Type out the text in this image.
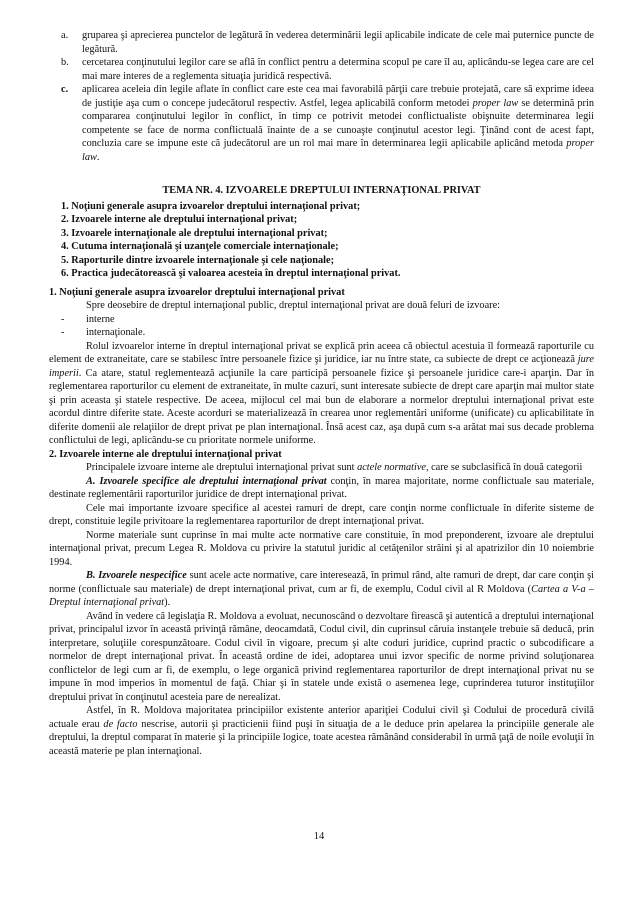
a.	gruparea şi aprecierea punctelor de legătură în vederea determinării legii aplicabile indicate de cele mai puternice puncte de legătură.
b.	cercetarea conţinutului legilor care se află în conflict pentru a determina scopul pe care îl au, aplicându-se legea care are cel mai mare interes de a reglementa situaţia juridică respectivă.
c.	aplicarea aceleia din legile aflate în conflict care este cea mai favorabilă părţii care trebuie protejată, care să exprime ideea de justiţie aşa cum o concepe judecătorul respectiv. Astfel, legea aplicabilă conform metodei proper law se determină prin compararea conţinutului legilor în conflict, în timp ce potrivit metodei conflictualiste obişnuite determinarea legii competente se face de norma conflictuală înainte de a se cunoaşte conţinutul acestor legi. Ţinând cont de acest fapt, concluzia care se impune este că judecătorul are un rol mai mare în determinarea legii aplicabile aplicând metoda proper law.
TEMA NR. 4. IZVOARELE DREPTULUI INTERNAŢIONAL PRIVAT
1. Noţiuni generale asupra izvoarelor dreptului internaţional privat;
2. Izvoarele interne ale dreptului internaţional privat;
3. Izvoarele internaţionale ale dreptului internaţional privat;
4. Cutuma internaţională şi uzanţele comerciale internaţionale;
5. Raporturile dintre izvoarele internaţionale şi cele naţionale;
6. Practica judecătorească şi valoarea acesteia în dreptul internaţional privat.
1. Noţiuni generale asupra izvoarelor dreptului internaţional privat

Spre deosebire de dreptul internaţional public, dreptul internaţional privat are două feluri de izvoare:

-	interne
-	internaţionale.

Rolul izvoarelor interne în dreptul internaţional privat se explică prin aceea că obiectul acestuia îl formează raporturile cu element de extraneitate, care se stabilesc între persoanele fizice şi juridice, iar nu între state, ca subiecte de drept ce acţionează jure imperii. Ca atare, statul reglementează acţiunile la care participă persoanele fizice şi persoanele juridice care-i aparţin. Dar în reglementarea raporturilor cu element de extraneitate, în multe cazuri, sunt interesate subiecte de drept care aparţin mai multor state şi prin aceasta şi statele respective. De aceea, mijlocul cel mai bun de elaborare a normelor dreptului internaţional privat este acordul dintre diferite state. Aceste acorduri se materializează în crearea unor reglementări uniforme (unificate) cu aplicabilitate în diferite domenii ale relaţiilor de drept privat pe plan internaţional. Însă acest caz, aşa după cum s-a arătat mai sus decade problema conflictului de legi, aplicându-se cu prioritate normele uniforme.

2. Izvoarele interne ale dreptului internaţional privat

Principalele izvoare interne ale dreptului internaţional privat sunt actele normative, care se subclasifică în două categorii

A. Izvoarele specifice ale dreptului internaţional privat conţin, în marea majoritate, norme conflictuale sau materiale, destinate reglementării raporturilor juridice de drept internaţional privat.

Cele mai importante izvoare specifice al acestei ramuri de drept, care conţin norme conflictuale în diferite sisteme de drept, constituie legile privitoare la reglementarea raporturilor de drept internaţional privat.

Norme materiale sunt cuprinse în mai multe acte normative care constituie, în mod preponderent, izvoare ale dreptului internaţional privat, precum Legea R. Moldova cu privire la statutul juridic al cetăţenilor străini şi al apatrizilor din 10 noiembrie 1994.

B. Izvoarele nespecifice sunt acele acte normative, care interesează, în primul rând, alte ramuri de drept, dar care conţin şi norme (conflictuale sau materiale) de drept internaţional privat, cum ar fi, de exemplu, Codul civil al R Moldova (Cartea a V-a – Dreptul internaţional privat).

Având în vedere că legislaţia R. Moldova a evoluat, necunoscând o dezvoltare firească şi autentică a dreptului internaţional privat, principalul izvor în această privinţă rămâne, deocamdată, Codul civil, din cuprinsul căruia instanţele trebuie să deducă, prin interpretare, soluţiile corespunzătoare. Codul civil în vigoare, precum şi alte coduri juridice, cuprind practic o subcodificare a normelor de drept internaţional privat. În această ordine de idei, adoptarea unui izvor specific de norme privind soluţionarea conflictelor de legi cum ar fi, de exemplu, o lege organică privind reglementarea raporturilor de drept internaţional privat nu se impune în mod imperios în momentul de faţă. Chiar şi în statele unde există o asemenea lege, cuprinderea tuturor instituţiilor dreptului privat în conţinutul acesteia pare de nerealizat.

Astfel, în R. Moldova majoritatea principiilor existente anterior apariţiei Codului civil şi Codului de procedură civilă actuale erau de facto nescrise, autorii şi practicienii fiind puşi în situaţia de a le deduce prin apelarea la principiile generale ale dreptului, la dreptul comparat în materie şi la principiile logice, toate acestea rămânând considerabil în urmă ţaţă de noile evoluţii în această materie pe plan internaţional.

14
